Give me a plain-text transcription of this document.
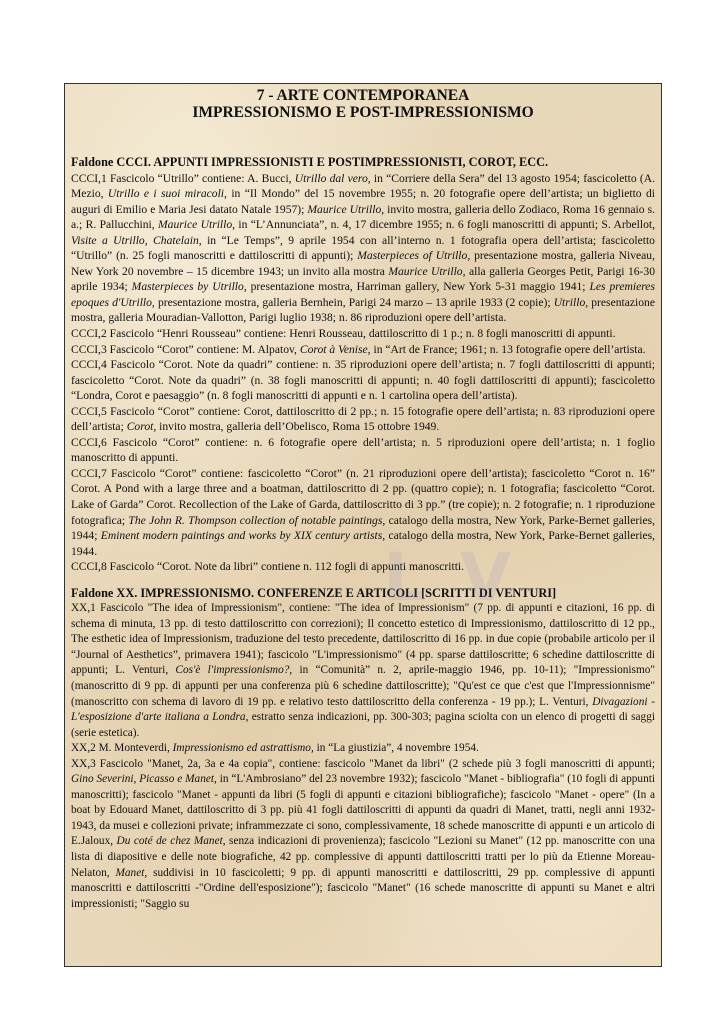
L V

7 - ARTE CONTEMPORANEA

IMPRESSIONISMO E POST-IMPRESSIONISMO

Faldone CCCI. APPUNTI IMPRESSIONISTI E POSTIMPRESSIONISTI, COROT, ECC.

CCCI,1 Fascicolo “Utrillo” contiene: A. Bucci, Utrillo dal vero, in “Corriere della Sera” del 13 agosto 1954; fascicoletto (A. Mezio, Utrillo e i suoi miracoli, in “Il Mondo” del 15 novembre 1955; n. 20 fotografie opere dell’artista; un biglietto di auguri di Emilio e Maria Jesi datato Natale 1957); Maurice Utrillo, invito mostra, galleria dello Zodiaco, Roma 16 gennaio s. a.; R. Pallucchini, Maurice Utrillo, in “L’Annunciata”, n. 4, 17 dicembre 1955; n. 6 fogli manoscritti di appunti; S. Arbellot, Visite a Utrillo, Chatelain, in “Le Temps”, 9 aprile 1954 con all’interno n. 1 fotografia opera dell’artista; fascicoletto “Utrillo” (n. 25 fogli manoscritti e dattiloscritti di appunti); Masterpieces of Utrillo, presentazione mostra, galleria Niveau, New York 20 novembre – 15 dicembre 1943; un invito alla mostra Maurice Utrillo, alla galleria Georges Petit, Parigi 16-30 aprile 1934; Masterpieces by Utrillo, presentazione mostra, Harriman gallery, New York 5-31 maggio 1941; Les premieres epoques d'Utrillo, presentazione mostra, galleria Bernhein, Parigi 24 marzo – 13 aprile 1933 (2 copie); Utrillo, presentazione mostra, galleria Mouradian-Vallotton, Parigi luglio 1938; n. 86 riproduzioni opere dell’artista.

CCCI,2 Fascicolo “Henri Rousseau” contiene: Henri Rousseau, dattiloscritto di 1 p.; n. 8 fogli manoscritti di appunti.

CCCI,3 Fascicolo “Corot” contiene: M. Alpatov, Corot à Venise, in “Art de France; 1961; n. 13 fotografie opere dell’artista.

CCCI,4 Fascicolo “Corot. Note da quadri” contiene: n. 35 riproduzioni opere dell’artista; n. 7 fogli dattiloscritti di appunti; fascicoletto “Corot. Note da quadri” (n. 38 fogli manoscritti di appunti; n. 40 fogli dattiloscritti di appunti); fascicoletto “Londra, Corot e paesaggio” (n. 8 fogli manoscritti di appunti e n. 1 cartolina opera dell’artista).

CCCI,5 Fascicolo “Corot” contiene: Corot, dattiloscritto di 2 pp.; n. 15 fotografie opere dell’artista; n. 83 riproduzioni opere dell’artista; Corot, invito mostra, galleria dell’Obelisco, Roma 15 ottobre 1949.

CCCI,6 Fascicolo “Corot” contiene: n. 6 fotografie opere dell’artista; n. 5 riproduzioni opere dell’artista; n. 1 foglio manoscritto di appunti.

CCCI,7 Fascicolo “Corot” contiene: fascicoletto “Corot” (n. 21 riproduzioni opere dell’artista); fascicoletto “Corot n. 16” Corot. A Pond with a large three and a boatman, dattiloscritto di 2 pp. (quattro copie); n. 1 fotografia; fascicoletto “Corot. Lake of Garda” Corot. Recollection of the Lake of Garda, dattiloscritto di 3 pp.” (tre copie); n. 2 fotografie; n. 1 riproduzione fotografica; The John R. Thompson collection of notable paintings, catalogo della mostra, New York, Parke-Bernet galleries, 1944; Eminent modern paintings and works by XIX century artists, catalogo della mostra, New York, Parke-Bernet galleries, 1944.

CCCI,8 Fascicolo “Corot. Note da libri” contiene n. 112 fogli di appunti manoscritti.

Faldone XX. IMPRESSIONISMO. CONFERENZE E ARTICOLI [SCRITTI DI VENTURI]

XX,1 Fascicolo "The idea of Impressionism", contiene: "The idea of Impressionism" (7 pp. di appunti e citazioni, 16 pp. di schema di minuta, 13 pp. di testo dattiloscritto con correzioni); Il concetto estetico di Impressionismo, dattiloscritto di 12 pp., The esthetic idea of Impressionism, traduzione del testo precedente, dattiloscritto di 16 pp. in due copie (probabile articolo per il “Journal of Aesthetics”, primavera 1941); fascicolo "L'impressionismo" (4 pp. sparse dattiloscritte; 6 schedine dattiloscritte di appunti; L. Venturi, Cos'è l'impressionismo?, in “Comunità” n. 2, aprile-maggio 1946, pp. 10-11); "Impressionismo" (manoscritto di 9 pp. di appunti per una conferenza più 6 schedine dattiloscritte); "Qu'est ce que c'est que l'Impressionnisme" (manoscritto con schema di lavoro di 19 pp. e relativo testo dattiloscritto della conferenza - 19 pp.); L. Venturi, Divagazioni - L'esposizione d'arte italiana a Londra, estratto senza indicazioni, pp. 300-303; pagina sciolta con un elenco di progetti di saggi (serie estetica).

XX,2 M. Monteverdi, Impressionismo ed astrattismo, in “La giustizia”, 4 novembre 1954.

XX,3 Fascicolo "Manet, 2a, 3a e 4a copia", contiene: fascicolo "Manet da libri" (2 schede più 3 fogli manoscritti di appunti; Gino Severini, Picasso e Manet, in “L'Ambrosiano” del 23 novembre 1932); fascicolo "Manet - bibliografia" (10 fogli di appunti manoscritti); fascicolo "Manet - appunti da libri (5 fogli di appunti e citazioni bibliografiche); fascicolo "Manet - opere" (In a boat by Edouard Manet, dattiloscritto di 3 pp. più 41 fogli dattiloscritti di appunti da quadri di Manet, tratti, negli anni 1932-1943, da musei e collezioni private; inframmezzate ci sono, complessivamente, 18 schede manoscritte di appunti e un articolo di E.Jaloux, Du coté de chez Manet, senza indicazioni di provenienza); fascicolo "Lezioni su Manet" (12 pp. manoscritte con una lista di diapositive e delle note biografiche, 42 pp. complessive di appunti dattiloscritti tratti per lo più da Etienne Moreau-Nelaton, Manet, suddivisi in 10 fascicoletti; 9 pp. di appunti manoscritti e dattiloscritti, 29 pp. complessive di appunti manoscritti e dattiloscritti -"Ordine dell'esposizione"); fascicolo "Manet" (16 schede manoscritte di appunti su Manet e altri impressionisti; "Saggio su
